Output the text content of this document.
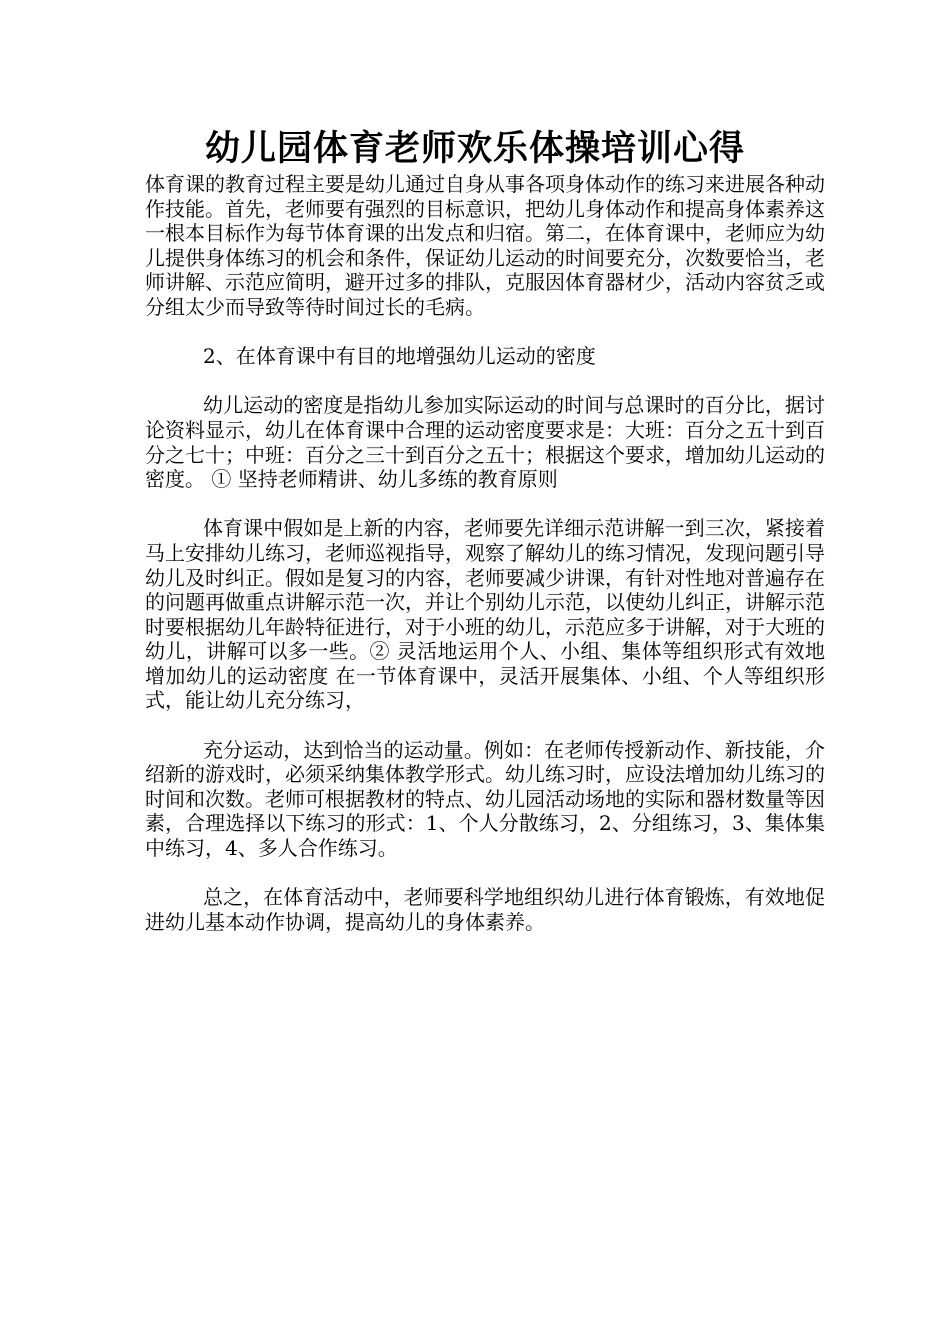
幼儿园体育老师欢乐体操培训心得

体育课的教育过程主要是幼儿通过自身从事各项身体动作的练习来进展各种动作技能。首先，老师要有强烈的目标意识，把幼儿身体动作和提高身体素养这一根本目标作为每节体育课的出发点和归宿。第二，在体育课中，老师应为幼儿提供身体练习的机会和条件，保证幼儿运动的时间要充分，次数要恰当，老师讲解、示范应简明，避开过多的排队，克服因体育器材少，活动内容贫乏或分组太少而导致等待时间过长的毛病。

2、在体育课中有目的地增强幼儿运动的密度

幼儿运动的密度是指幼儿参加实际运动的时间与总课时的百分比，据讨论资料显示，幼儿在体育课中合理的运动密度要求是：大班：百分之五十到百分之七十；中班：百分之三十到百分之五十；根据这个要求，增加幼儿运动的密度。 ① 坚持老师精讲、幼儿多练的教育原则

体育课中假如是上新的内容，老师要先详细示范讲解一到三次，紧接着马上安排幼儿练习，老师巡视指导，观察了解幼儿的练习情况，发现问题引导幼儿及时纠正。假如是复习的内容，老师要减少讲课，有针对性地对普遍存在的问题再做重点讲解示范一次，并让个别幼儿示范，以使幼儿纠正，讲解示范时要根据幼儿年龄特征进行，对于小班的幼儿，示范应多于讲解，对于大班的幼儿，讲解可以多一些。② 灵活地运用个人、小组、集体等组织形式有效地增加幼儿的运动密度 在一节体育课中，灵活开展集体、小组、个人等组织形式，能让幼儿充分练习，

充分运动，达到恰当的运动量。例如：在老师传授新动作、新技能，介绍新的游戏时，必须采纳集体教学形式。幼儿练习时，应设法增加幼儿练习的时间和次数。老师可根据教材的特点、幼儿园活动场地的实际和器材数量等因素，合理选择以下练习的形式：1、个人分散练习，2、分组练习，3、集体集中练习，4、多人合作练习。

总之，在体育活动中，老师要科学地组织幼儿进行体育锻炼，有效地促进幼儿基本动作协调，提高幼儿的身体素养。
